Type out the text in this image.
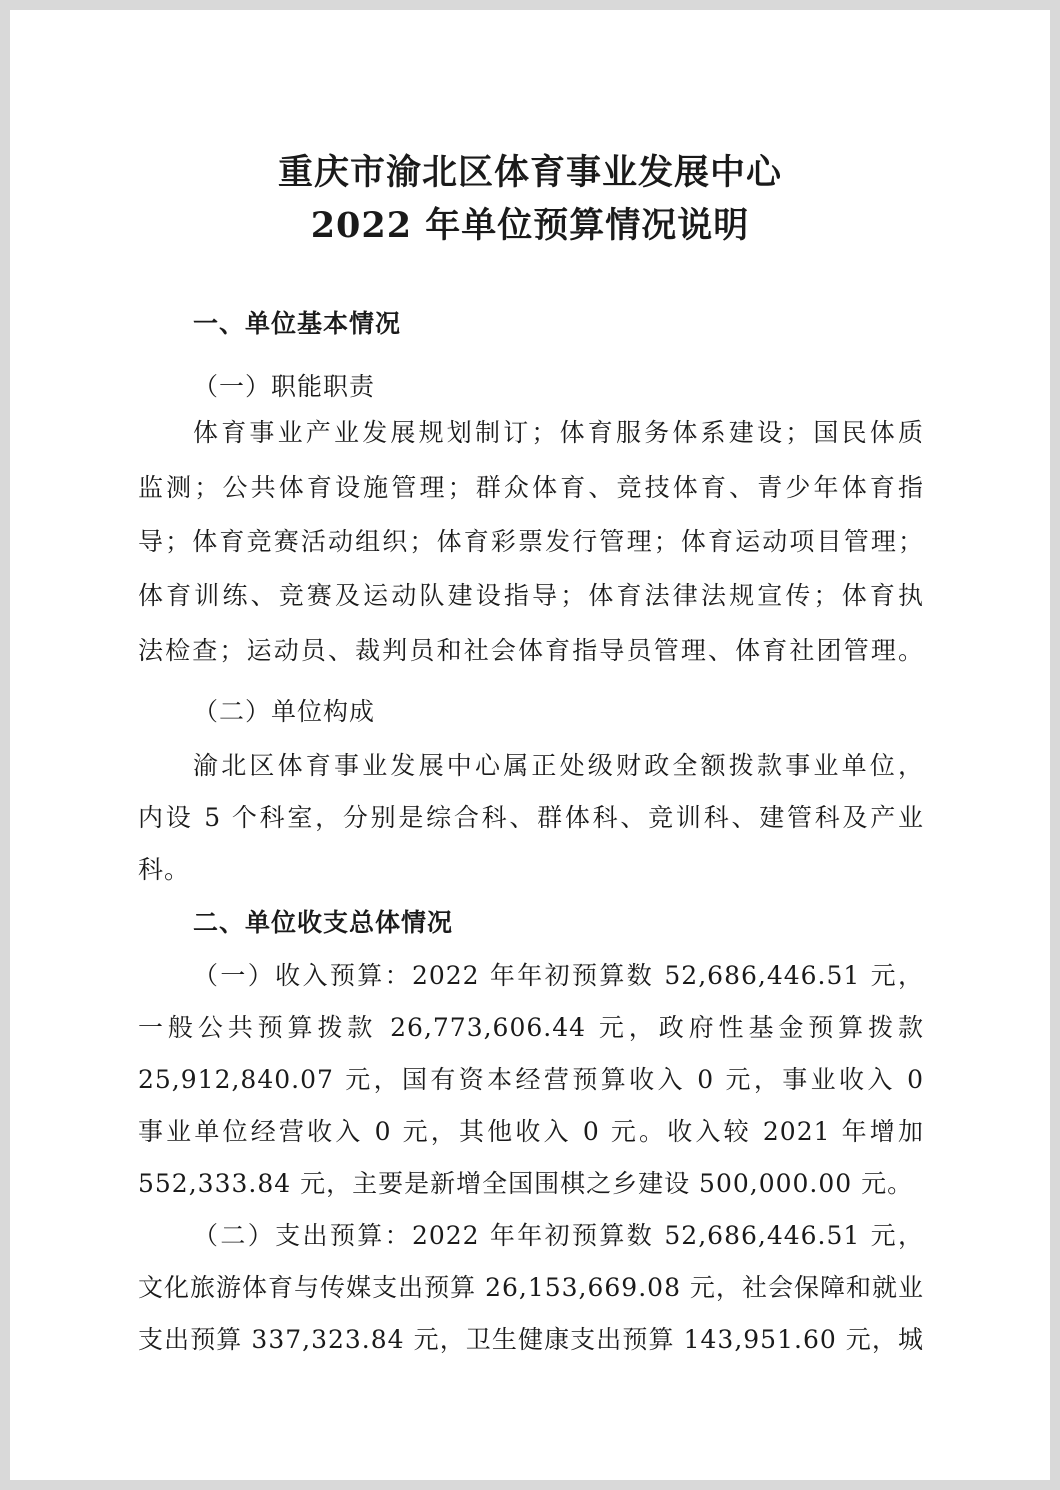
重庆市渝北区体育事业发展中心
2022 年单位预算情况说明
一、单位基本情况
（一）职能职责
体育事业产业发展规划制订；体育服务体系建设；国民体质
监测；公共体育设施管理；群众体育、竞技体育、青少年体育指
导；体育竞赛活动组织；体育彩票发行管理；体育运动项目管理；
体育训练、竞赛及运动队建设指导；体育法律法规宣传；体育执
法检查；运动员、裁判员和社会体育指导员管理、体育社团管理。
（二）单位构成
渝北区体育事业发展中心属正处级财政全额拨款事业单位，
内设 5 个科室，分别是综合科、群体科、竞训科、建管科及产业
科。
二、单位收支总体情况
（一）收入预算：2022 年年初预算数 52,686,446.51 元，
一般公共预算拨款 26,773,606.44 元，政府性基金预算拨款
25,912,840.07 元，国有资本经营预算收入 0 元，事业收入 0
事业单位经营收入 0 元，其他收入 0 元。收入较 2021 年增加
552,333.84 元，主要是新增全国围棋之乡建设 500,000.00 元。
（二）支出预算：2022 年年初预算数 52,686,446.51 元，
文化旅游体育与传媒支出预算 26,153,669.08 元，社会保障和就业
支出预算 337,323.84 元，卫生健康支出预算 143,951.60 元，城
